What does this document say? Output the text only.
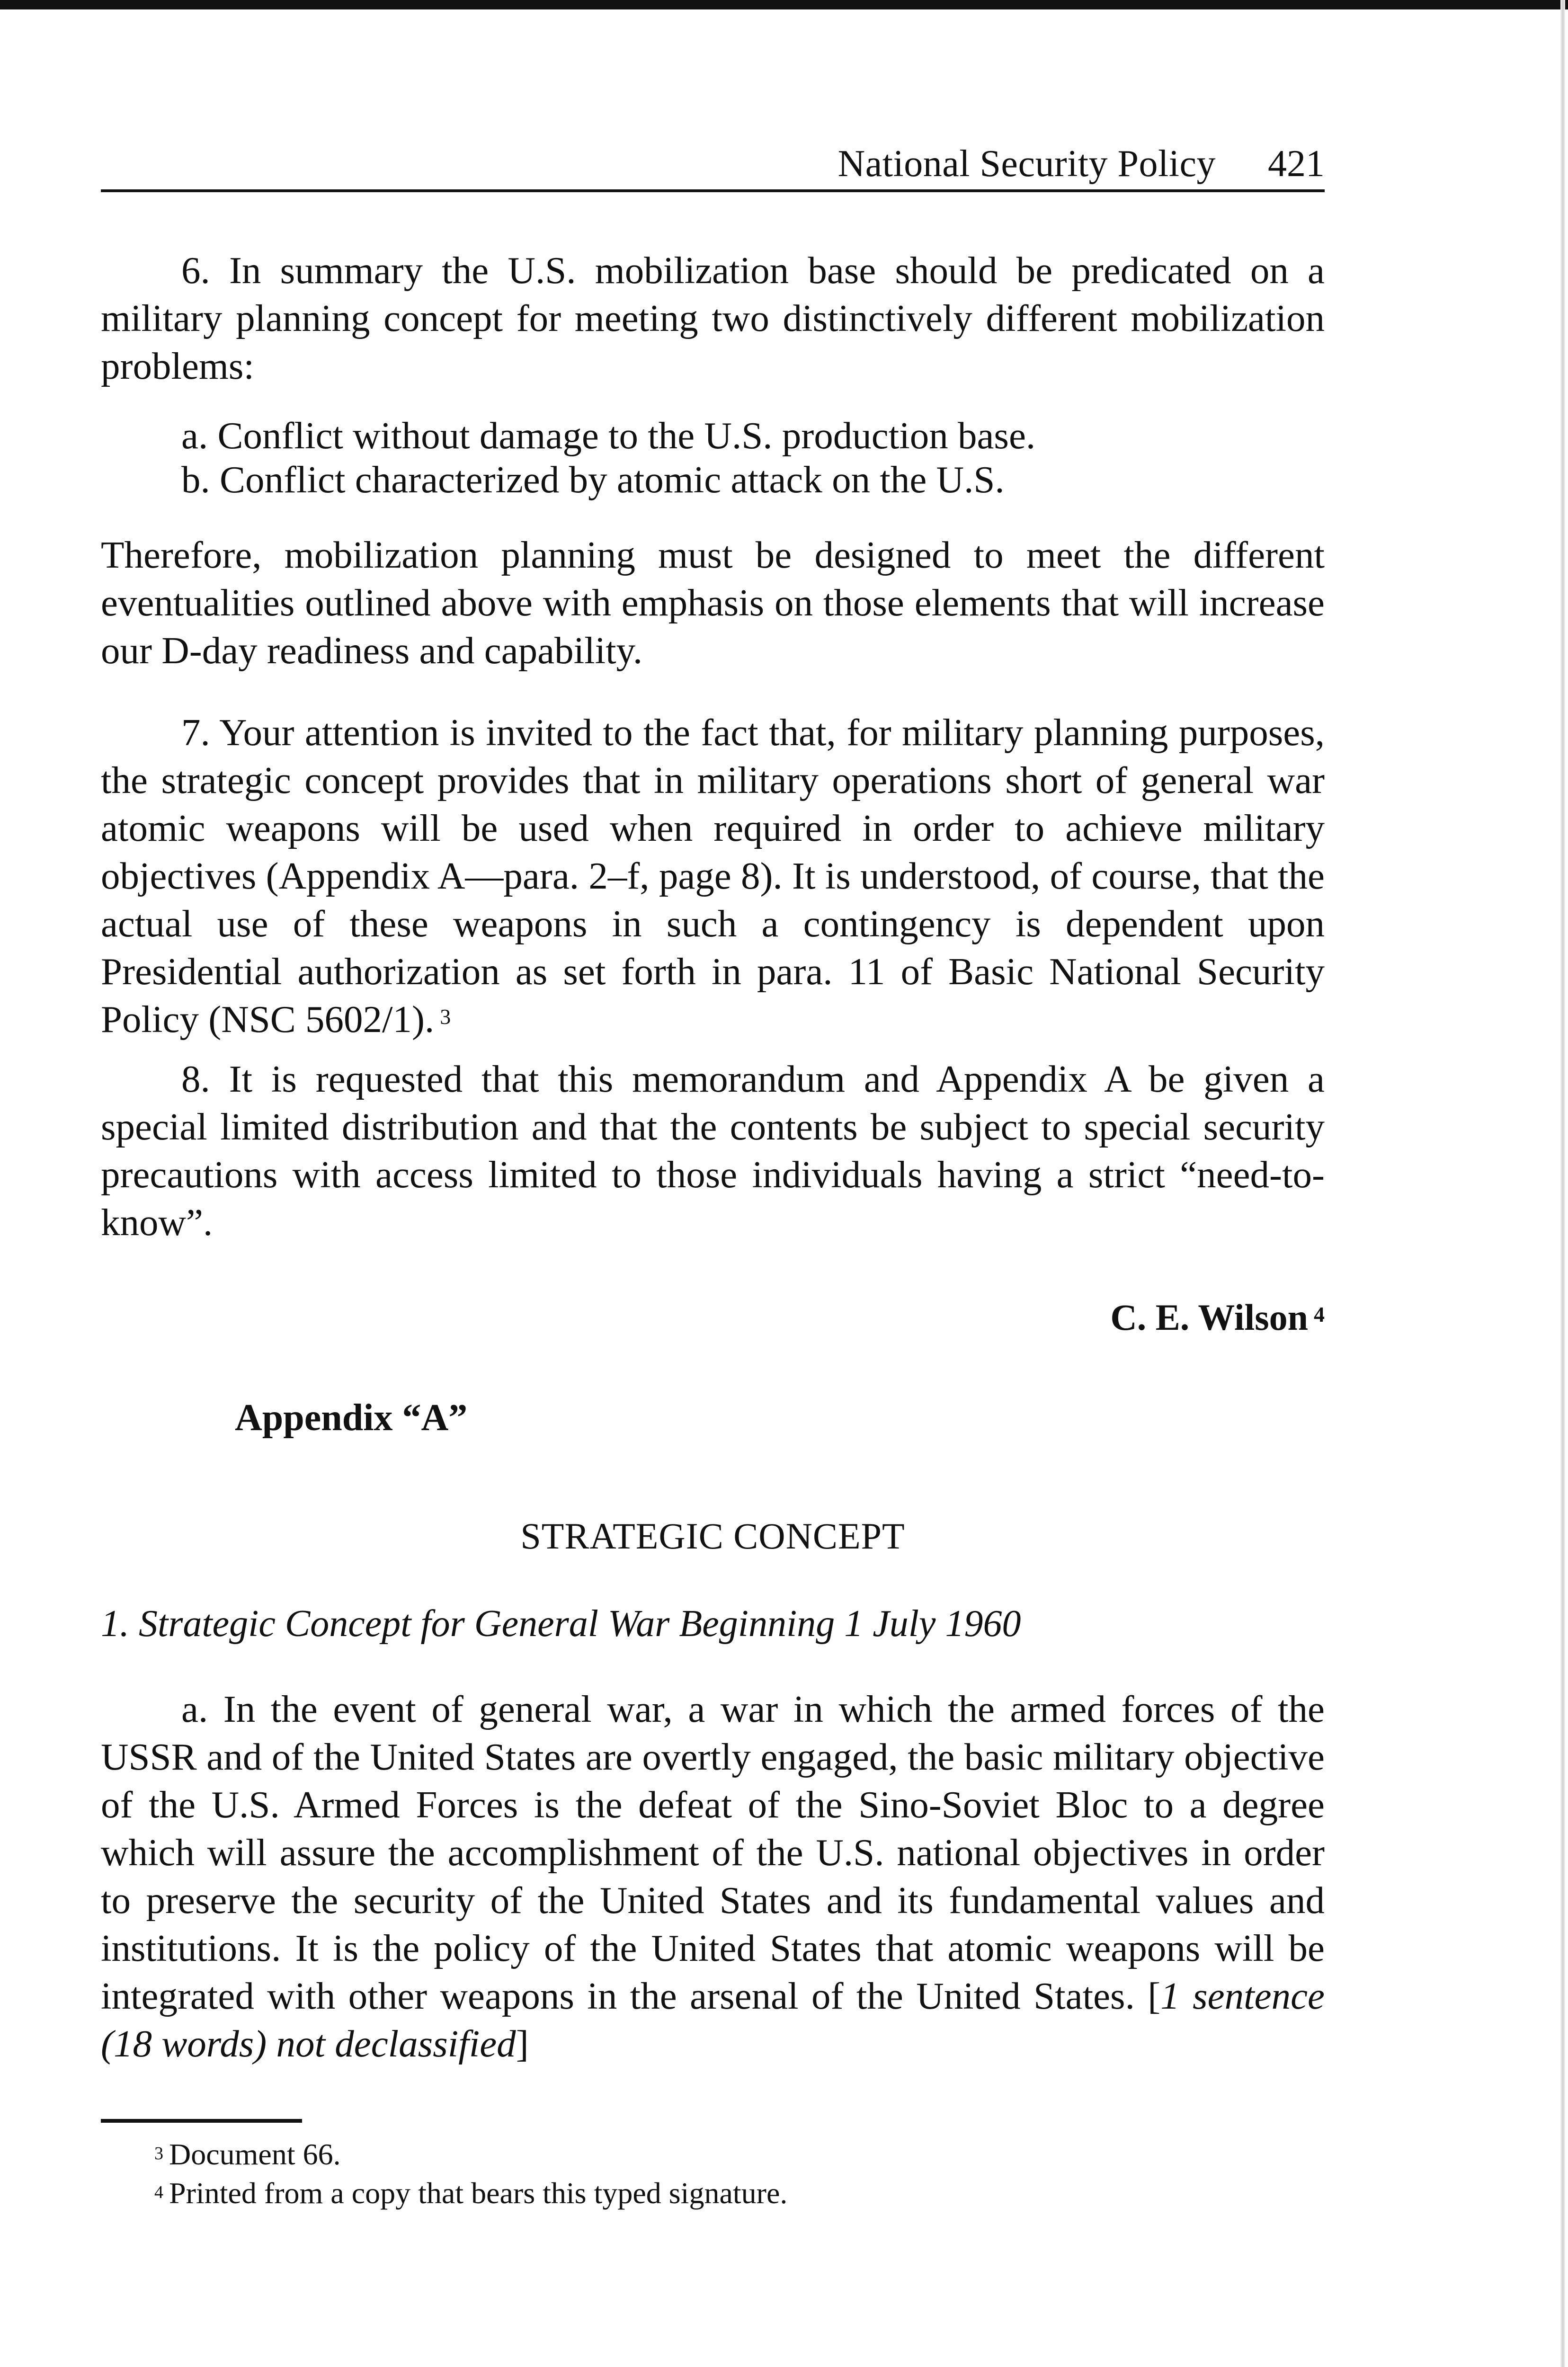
National Security Policy 421

6. In summary the U.S. mobilization base should be predicated on a military planning concept for meeting two distinctively different mobilization problems:

a. Conflict without damage to the U.S. production base.
b. Conflict characterized by atomic attack on the U.S.

Therefore, mobilization planning must be designed to meet the different eventualities outlined above with emphasis on those elements that will increase our D-day readiness and capability.

7. Your attention is invited to the fact that, for military planning purposes, the strategic concept provides that in military operations short of general war atomic weapons will be used when required in order to achieve military objectives (Appendix A—para. 2–f, page 8). It is understood, of course, that the actual use of these weapons in such a contingency is dependent upon Presidential authorization as set forth in para. 11 of Basic National Security Policy (NSC 5602/1). $^3$

8. It is requested that this memorandum and Appendix A be given a special limited distribution and that the contents be subject to special security precautions with access limited to those individuals having a strict “need-to-know”.

C. E. Wilson $^4$
Appendix “A”
STRATEGIC CONCEPT
1. Strategic Concept for General War Beginning 1 July 1960

a. In the event of general war, a war in which the armed forces of the USSR and of the United States are overtly engaged, the basic military objective of the U.S. Armed Forces is the defeat of the Sino-Soviet Bloc to a degree which will assure the accomplishment of the U.S. national objectives in order to preserve the security of the United States and its fundamental values and institutions. It is the policy of the United States that atomic weapons will be integrated with other weapons in the arsenal of the United States. [1 sentence (18 words) not declassified]

$^3$ Document 66.
$^4$ Printed from a copy that bears this typed signature.
